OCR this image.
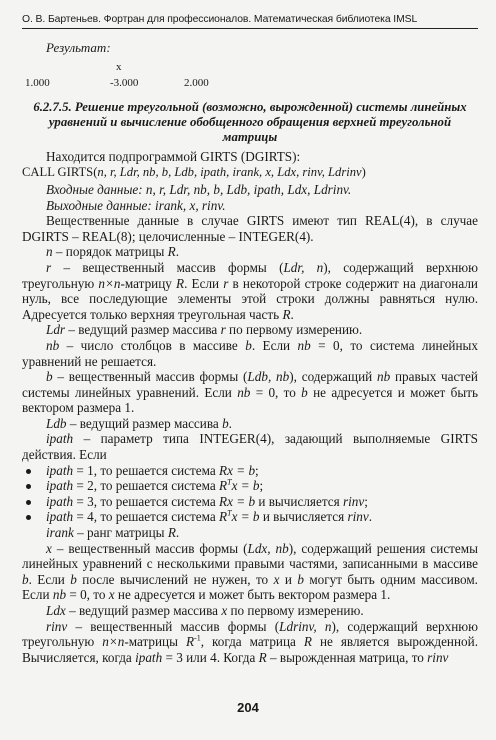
О. В. Бартеньев. Фортран для профессионалов. Математическая библиотека IMSL
Результат:
x
1.000	-3.000	2.000
6.2.7.5. Решение треугольной (возможно, вырожденной) системы линейных уравнений и вычисление обобщенного обращения верхней треугольной матрицы

Находится подпрограммой GIRTS (DGIRTS):

CALL GIRTS(n, r, Ldr, nb, b, Ldb, ipath, irank, x, Ldx, rinv, Ldrinv)

Входные данные: n, r, Ldr, nb, b, Ldb, ipath, Ldx, Ldrinv.

Выходные данные: irank, x, rinv.

Вещественные данные в случае GIRTS имеют тип REAL(4), в случае DGIRTS – REAL(8); целочисленные – INTEGER(4).

n – порядок матрицы R.

r – вещественный массив формы (Ldr, n), содержащий верхнюю треугольную n×n-матрицу R. Если r в некоторой строке содержит на диагонали нуль, все последующие элементы этой строки должны равняться нулю. Адресуется только верхняя треугольная часть R.

Ldr – ведущий размер массива r по первому измерению.

nb – число столбцов в массиве b. Если nb = 0, то система линейных уравнений не решается.

b – вещественный массив формы (Ldb, nb), содержащий nb правых частей системы линейных уравнений. Если nb = 0, то b не адресуется и может быть вектором размера 1.

Ldb – ведущий размер массива b.

ipath – параметр типа INTEGER(4), задающий выполняемые GIRTS действия. Если

ipath = 1, то решается система Rx = b;

ipath = 2, то решается система $R^Tx = b$;

ipath = 3, то решается система Rx = b и вычисляется rinv;

ipath = 4, то решается система $R^Tx = b$ и вычисляется rinv.

irank – ранг матрицы R.

x – вещественный массив формы (Ldx, nb), содержащий решения системы линейных уравнений с несколькими правыми частями, записанными в массиве b. Если b после вычислений не нужен, то x и b могут быть одним массивом. Если nb = 0, то x не адресуется и может быть вектором размера 1.

Ldx – ведущий размер массива x по первому измерению.

rinv – вещественный массив формы (Ldrinv, n), содержащий верхнюю треугольную n×n-матрицы $R^{-1}$, когда матрица R не является вырожденной. Вычисляется, когда ipath = 3 или 4. Когда R – вырожденная матрица, то rinv

204
